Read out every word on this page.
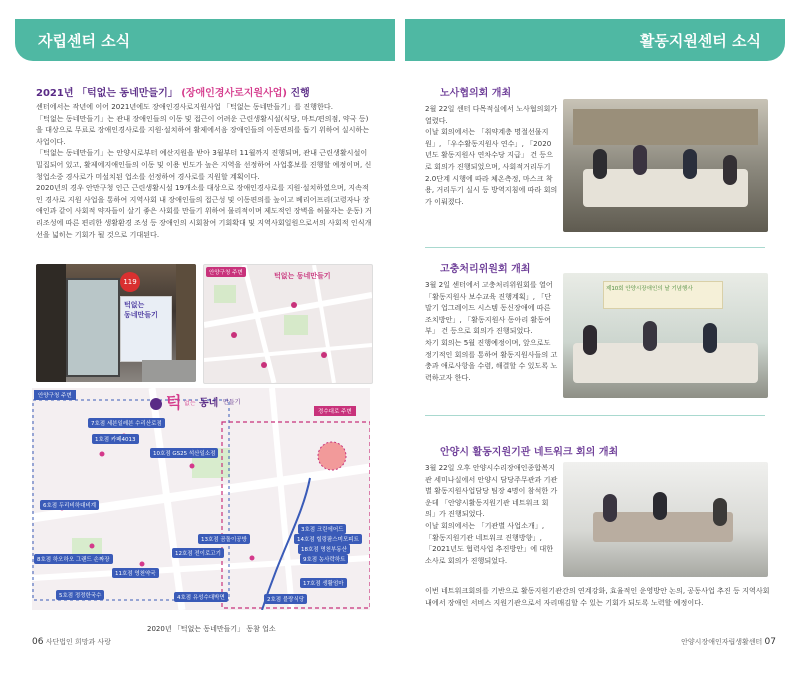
자립센터 소식	활동지원센터 소식
2021년 「턱없는 동네만들기」 (장애인경사로지원사업) 진행

센터에서는 작년에 이어 2021년에도 장애인경사로지원사업 「턱없는 동네만들기」를 진행한다.

「턱없는 동네만들기」는 관내 장애인들의 이동 및 접근이 어려운 근린생활시설(식당, 마트/편의점, 약국 등)을 대상으로 무료로 장애인경사로를 지원·설치하여 활제에서음 장애인들의 이동편의를 돕기 위하여 실시하는 사업이다.

「턱없는 동네만들기」는 안양시로부터 예산지원을 받아 3월부터 11월까지 진행되며, 관내 근린생활시설이 밀집되어 있고, 활제에지애인들의 이동 및 이용 빈도가 높은 지역을 선정하여 사업홍보를 진행할 예정이며, 신청업소중 경사로가 미설치된 업소를 선정하여 경사로를 지원할 계획이다.

2020년의 경우 안만구청 인근 근린생활시설 19개소를 대상으로 장애인경사로를 지원·설치하였으며, 지속적인 경사로 지원 사업을 통하여 지역사회 내 장애인들의 접근성 및 이동편의를 높이고 베리어프리(고령자나 장애인과 같이 사회적 약자들이 살기 좋은 사회를 만들기 위하여 물리적이며 제도적인 장벽을 허물자는 운동) 거리조성에 따른 편리한 생활환경 조성 등 장애인의 시회참여 기회확대 및 지역사회일원으로서의 사회적 인식개선을 넓히는 기회가 될 것으로 기대된다.

119
턱없는
동네만들기
안양구청 주변	턱없는 동네만들기
안양구청 주변
경수대로 주변
턱 없는 동네 만들기
7호점 세븐일레븐 수리산로점
1호점 카페4013
10호점 GS25 석산일소점
6호점 두리비하대비계
8호점 하오하오 그랜드 손짜장
11호점 영천약국
5호점 정정한국수	4호점 유성수대박면
13호점 곰돌이공방
12호점 전이로고기
3호점 크린에어드
14호점 힐링팜스미모피트
18호점 명천부동산
9호점 농사락하트
17호점 생활엄마
2호점 블랑식당
2020년 「턱없는 동네만들기」 동참 업소
노사협의회 개최

2월 22일 센터 다목적실에서 노사협의회가 열렸다.

이날 회의에서는 「취약계층 명절선물지원」, 「우수활동지원사 연수」, 「2020년도 활동지원사 연차수당 지급」 건 등으로 회의가 진행되었으며, 사회적거리두기 2.0단계 시행에 따라 체온측정, 마스크 착용, 거리두기 실시 등 방역지침에 따라 회의가 이뤄졌다.

고충처리위원회 개최

3월 2일 센터에서 고충처리위원회를 열어 「활동지원사 보수교육 진행계획」, 「단말기 업그레이드 시스템 동신장애에 따른 조치방안」, 「활동지원사 동아리 활동여부」 건 등으로 회의가 진행되었다.

차기 회의는 5월 진행예정이며, 앞으로도 정기적인 회의를 통하여 활동지원사들의 고충과 애로사항을 수렴, 해결할 수 있도록 노력하고자 한다.

제10회 안양시장애인의 날 기념행사
안양시 활동지원기관 네트워크 회의 개최

3월 22일 오후 안양시수리장애인종합복지관 세미나실에서 안양시 담당주무관과 기관별 활동지원사업담당 팀장 4명이 참석한 가운데 「안양시활동지원기관 네트워크 회의」가 진행되었다.

이날 회의에서는 「기관별 사업소개」, 「활동지원기관 네트워크 진행방향」, 「2021년도 협력사업 추진방안」에 대한 소사로 회의가 진행되었다.

이번 네트워크회의를 기반으로 활동지원기관간의 연계강화, 효율적인 운영방안 논의, 공동사업 추진 등 지역사회내에서 장애인 서비스 지원기관으로서 자리매김할 수 있는 기회가 되도록 노력할 예정이다.

06 사단법인 희망과 사랑	안양시장애인자립생활센터 07
